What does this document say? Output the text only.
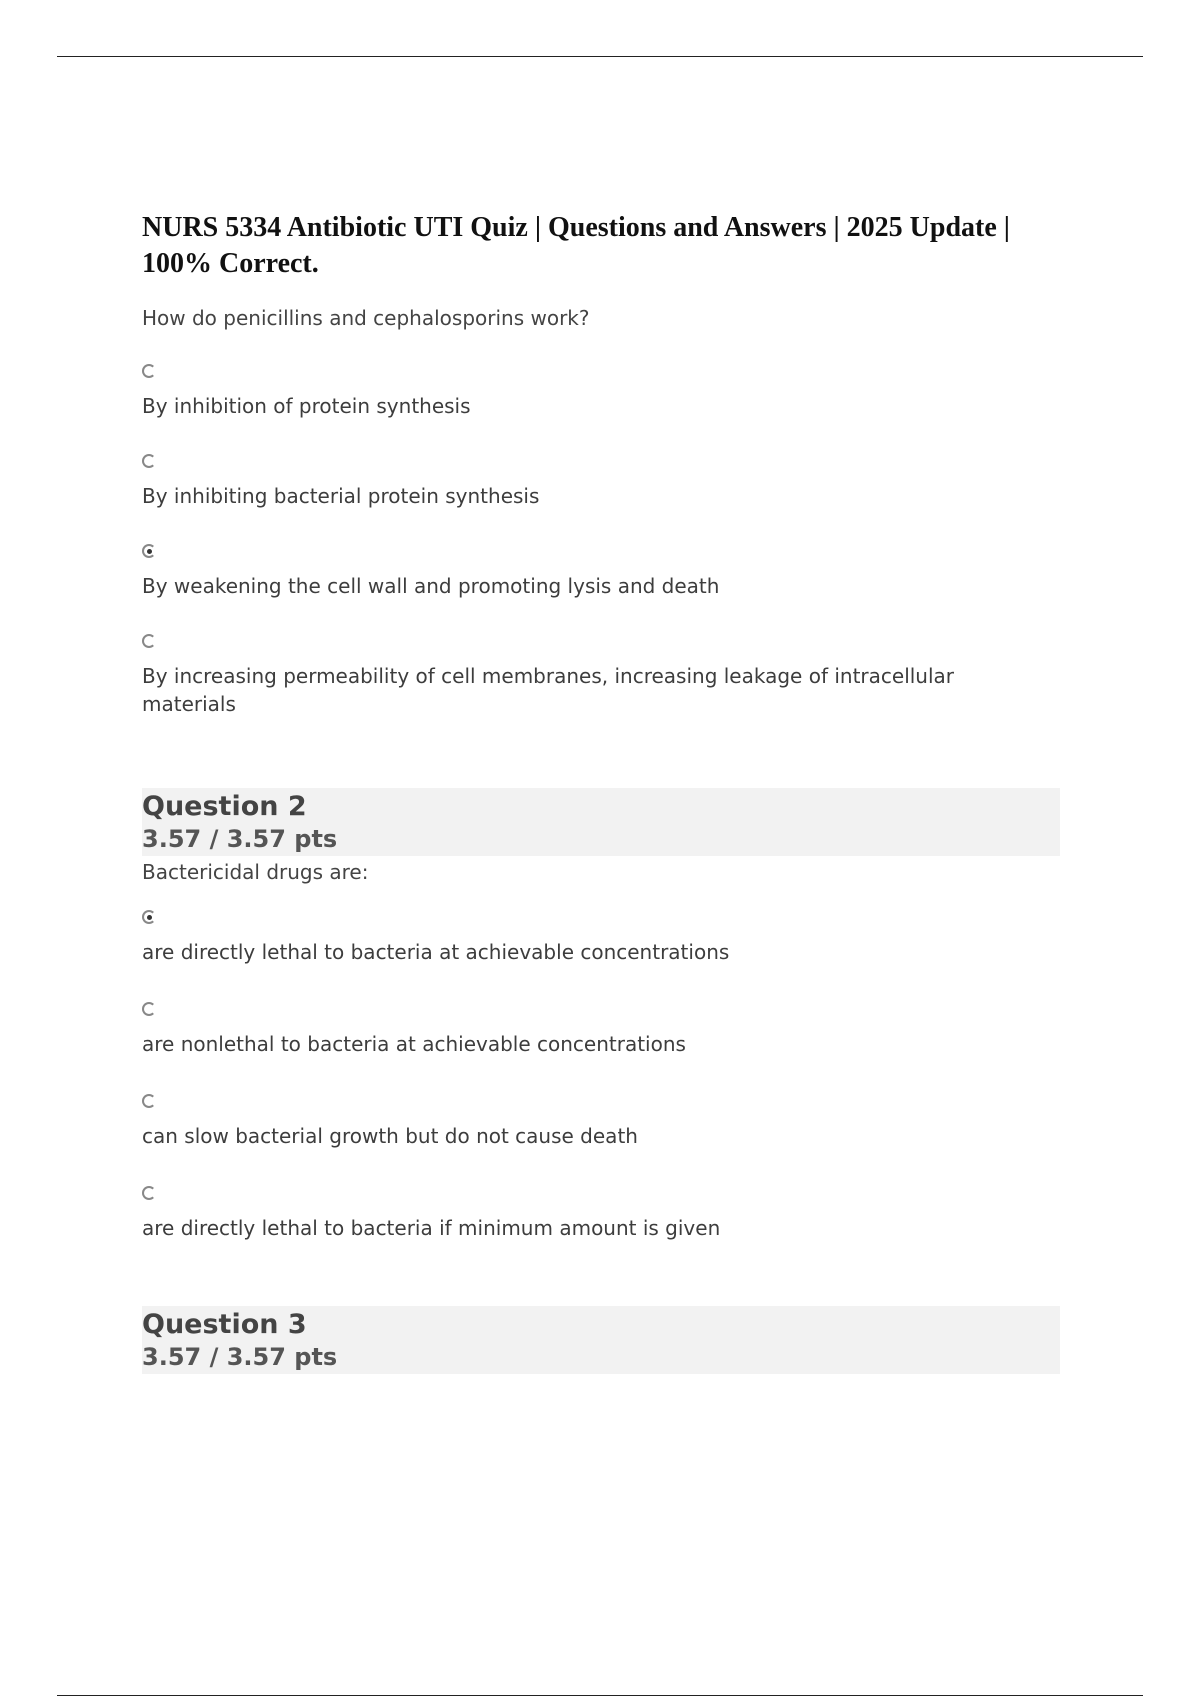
NURS 5334 Antibiotic UTI Quiz | Questions and Answers | 2025 Update | 100% Correct.

How do penicillins and cephalosporins work?

By inhibition of protein synthesis
By inhibiting bacterial protein synthesis
By weakening the cell wall and promoting lysis and death
By increasing permeability of cell membranes, increasing leakage of intracellular materials
Question 2
3.57 / 3.57 pts

Bactericidal drugs are:

are directly lethal to bacteria at achievable concentrations
are nonlethal to bacteria at achievable concentrations
can slow bacterial growth but do not cause death
are directly lethal to bacteria if minimum amount is given
Question 3
3.57 / 3.57 pts
